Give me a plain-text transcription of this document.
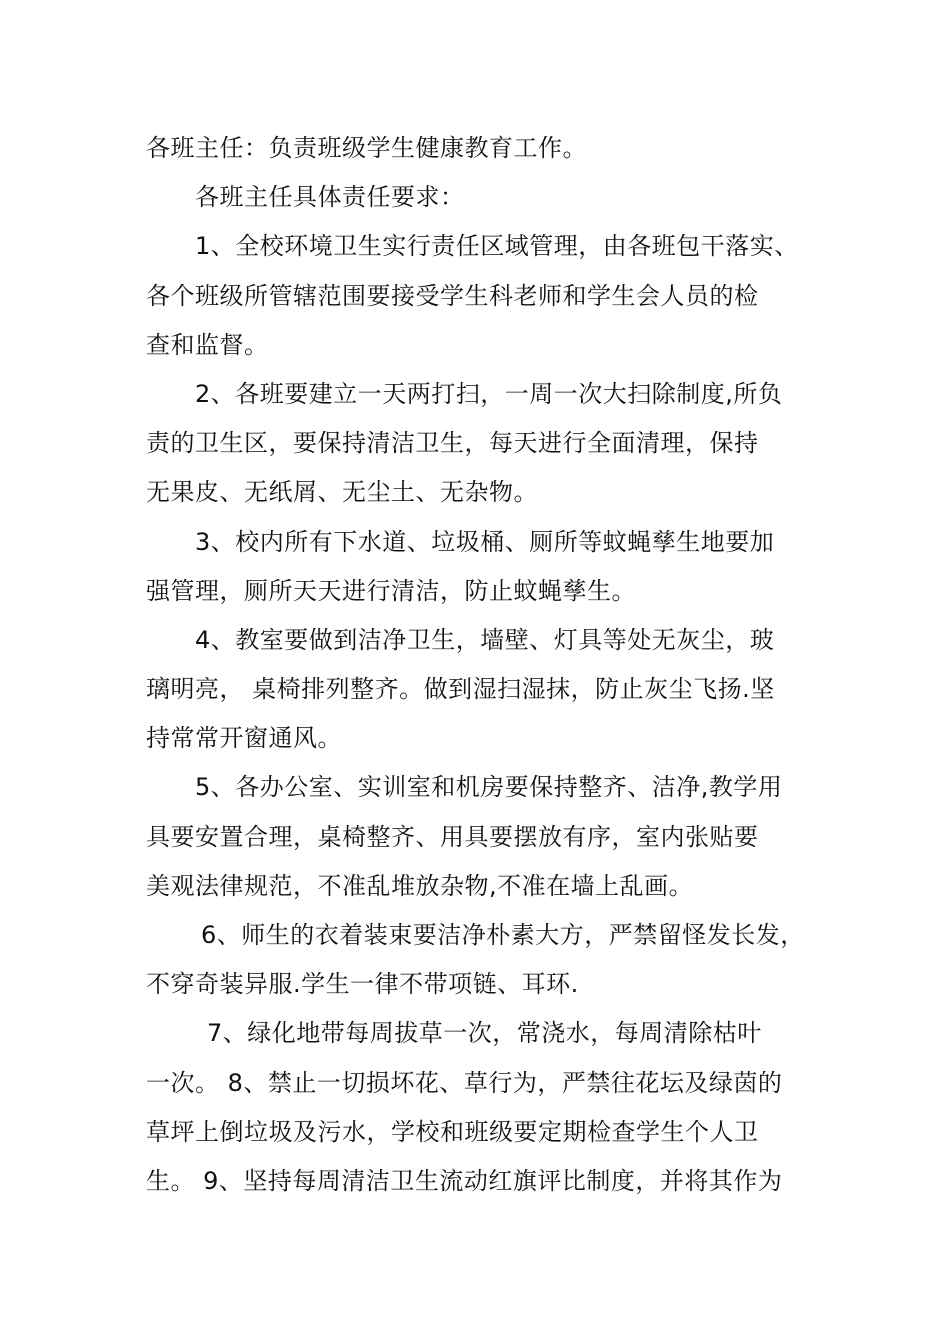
各班主任：负责班级学生健康教育工作。
各班主任具体责任要求：
1、全校环境卫生实行责任区域管理，由各班包干落实、
各个班级所管辖范围要接受学生科老师和学生会人员的检
查和监督。
2、各班要建立一天两打扫，一周一次大扫除制度,所负
责的卫生区，要保持清洁卫生，每天进行全面清理，保持
无果皮、无纸屑、无尘土、无杂物。
3、校内所有下水道、垃圾桶、厕所等蚊蝇孳生地要加
强管理，厕所天天进行清洁，防止蚊蝇孳生。
4、教室要做到洁净卫生，墙壁、灯具等处无灰尘，玻
璃明亮， 桌椅排列整齐。做到湿扫湿抹，防止灰尘飞扬.坚
持常常开窗通风。
5、各办公室、实训室和机房要保持整齐、洁净,教学用
具要安置合理，桌椅整齐、用具要摆放有序，室内张贴要
美观法律规范，不准乱堆放杂物,不准在墙上乱画。
6、师生的衣着装束要洁净朴素大方，严禁留怪发长发，
不穿奇装异服.学生一律不带项链、耳环.
7、绿化地带每周拔草一次，常浇水，每周清除枯叶
一次。 8、禁止一切损坏花、草行为，严禁往花坛及绿茵的
草坪上倒垃圾及污水，学校和班级要定期检查学生个人卫
生。 9、坚持每周清洁卫生流动红旗评比制度，并将其作为
